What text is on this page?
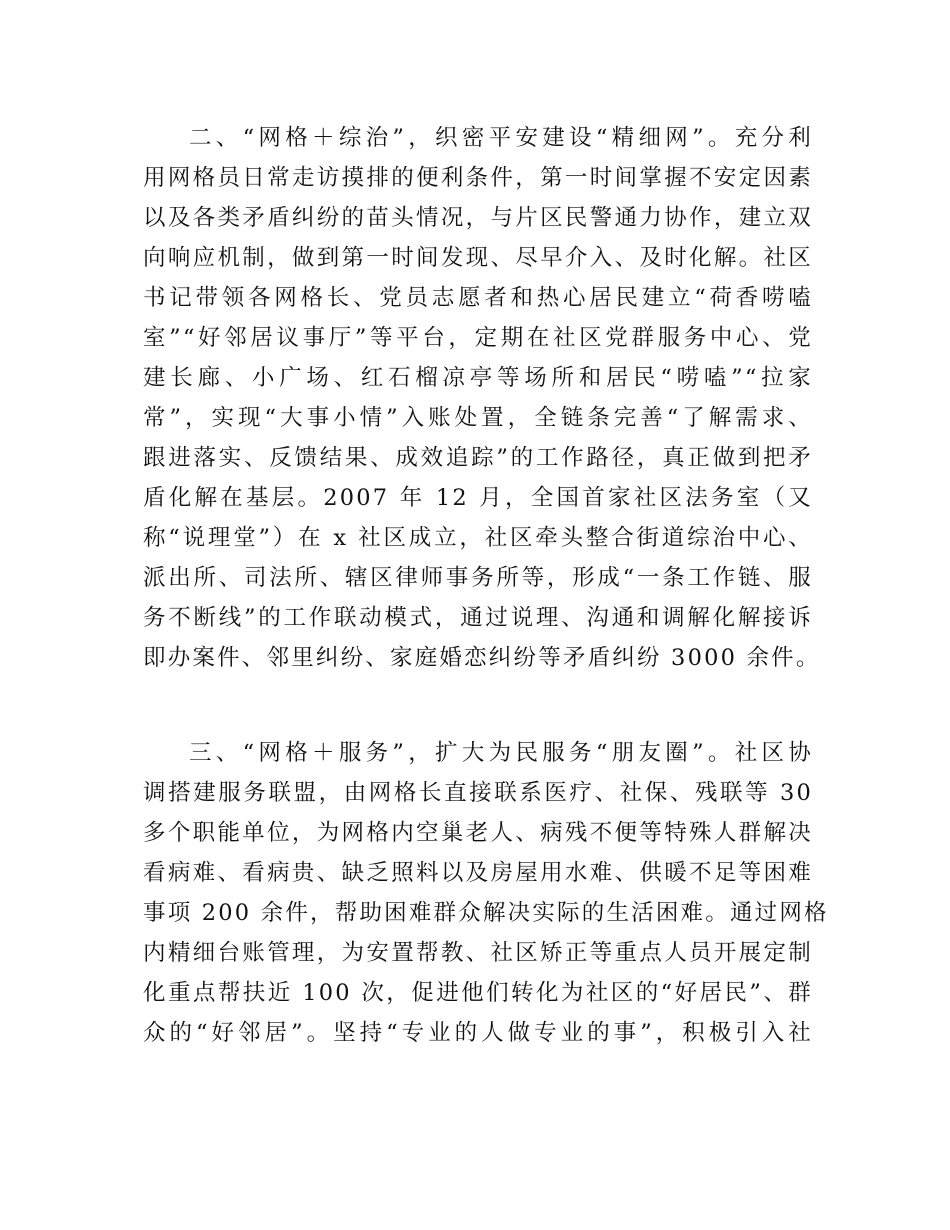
二、“网格＋综治”，织密平安建设“精细网”。充分利
用网格员日常走访摸排的便利条件，第一时间掌握不安定因素
以及各类矛盾纠纷的苗头情况，与片区民警通力协作，建立双
向响应机制，做到第一时间发现、尽早介入、及时化解。社区
书记带领各网格长、党员志愿者和热心居民建立“荷香唠嗑
室”“好邻居议事厅”等平台，定期在社区党群服务中心、党
建长廊、小广场、红石榴凉亭等场所和居民“唠嗑”“拉家
常”，实现“大事小情”入账处置，全链条完善“了解需求、
跟进落实、反馈结果、成效追踪”的工作路径，真正做到把矛
盾化解在基层。2007 年 12 月，全国首家社区法务室（又
称“说理堂”）在 x 社区成立，社区牵头整合街道综治中心、
派出所、司法所、辖区律师事务所等，形成“一条工作链、服
务不断线”的工作联动模式，通过说理、沟通和调解化解接诉
即办案件、邻里纠纷、家庭婚恋纠纷等矛盾纠纷 3000 余件。
三、“网格＋服务”，扩大为民服务“朋友圈”。社区协
调搭建服务联盟，由网格长直接联系医疗、社保、残联等 30
多个职能单位，为网格内空巢老人、病残不便等特殊人群解决
看病难、看病贵、缺乏照料以及房屋用水难、供暖不足等困难
事项 200 余件，帮助困难群众解决实际的生活困难。通过网格
内精细台账管理，为安置帮教、社区矫正等重点人员开展定制
化重点帮扶近 100 次，促进他们转化为社区的“好居民”、群
众的“好邻居”。坚持“专业的人做专业的事”，积极引入社
